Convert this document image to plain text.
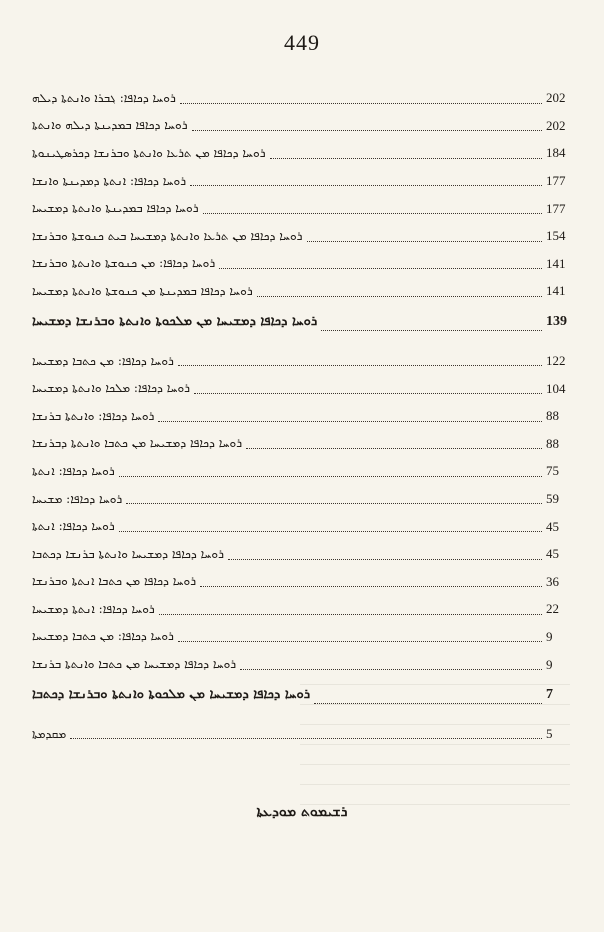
449
ܪܘܚܐ ܕܟܐܦܐ: ܓܒܪܐ ܘܐܢܬܬܐ ܕܝܠܗ	202
ܪܘܚܐ ܕܟܐܦܐ ܒܡܕܝܢܬܐ ܕܝܠܗ ܘܐܢܬܬܐ	202
ܪܘܚܐ ܕܟܐܦܐ ܡܢ ܬܪܥܐ ܘܐܢܬܬܐ ܘܒܪܢܫܐ ܕܟܪܣܛܝܢܘܬܐ	184
ܪܘܚܐ ܕܟܐܦܐ: ܐܢܬܬܐ ܕܡܕܝܢܬܐ ܘܐܢܫܐ	177
ܪܘܚܐ ܕܟܐܦܐ ܒܡܕܝܢܬܐ ܘܐܢܬܬܐ ܕܡܫܝܚܐ	177
ܪܘܚܐ ܕܟܐܦܐ ܡܢ ܬܪܥܐ ܘܐܢܬܬܐ ܕܡܫܝܚܐ ܒܝܬ ܟܢܘܫܬܐ ܘܒܪܢܫܐ	154
ܪܘܚܐ ܕܟܐܦܐ: ܡܢ ܟܢܘܫܬܐ ܘܐܢܬܬܐ ܘܒܪܢܫܐ	141
ܪܘܚܐ ܕܟܐܦܐ ܒܡܕܝܢܬܐ ܡܢ ܟܢܘܫܬܐ ܘܐܢܬܬܐ ܕܡܫܝܚܐ	141
ܪܘܚܐ ܕܟܐܦܐ ܕܡܫܝܚܐ ܡܢ ܡܠܟܘܬܐ ܘܐܢܬܬܐ ܘܒܪܢܫܐ ܕܡܫܝܚܐ	139
ܪܘܚܐ ܕܟܐܦܐ: ܡܢ ܟܬܒܐ ܕܡܫܝܚܐ	122
ܪܘܚܐ ܕܟܐܦܐ: ܡܠܟܐ ܘܐܢܬܬܐ ܕܡܫܝܚܐ	104
ܪܘܚܐ ܕܟܐܦܐ: ܘܐܢܬܬܐ ܒܪܢܫܐ	88
ܪܘܚܐ ܕܟܐܦܐ ܕܡܫܝܚܐ ܡܢ ܟܬܒܐ ܘܐܢܬܬܐ ܕܒܪܢܫܐ	88
ܪܘܚܐ ܕܟܐܦܐ: ܐܢܬܬܐ	75
ܪܘܚܐ ܕܟܐܦܐ: ܡܫܝܚܐ	59
ܪܘܚܐ ܕܟܐܦܐ: ܐܢܬܬܐ	45
ܪܘܚܐ ܕܟܐܦܐ ܕܡܫܝܚܐ ܘܐܢܬܬܐ ܒܪܢܫܐ ܕܟܬܒܐ	45
ܪܘܚܐ ܕܟܐܦܐ ܡܢ ܟܬܒܐ ܐܢܬܬܐ ܘܒܪܢܫܐ	36
ܪܘܚܐ ܕܟܐܦܐ: ܐܢܬܬܐ ܕܡܫܝܚܐ	22
ܪܘܚܐ ܕܟܐܦܐ: ܡܢ ܟܬܒܐ ܕܡܫܝܚܐ	9
ܪܘܚܐ ܕܟܐܦܐ ܕܡܫܝܚܐ ܡܢ ܟܬܒܐ ܘܐܢܬܬܐ ܒܪܢܫܐ	9
ܪܘܚܐ ܕܟܐܦܐ ܕܡܫܝܚܐ ܡܢ ܡܠܟܘܬܐ ܘܐܢܬܬܐ ܘܒܪܢܫܐ ܕܟܬܒܐ	7
ܡܩܕܡܬܐ	5
ܪܫܝܡܘܬ ܡܘܕܥܬܐ
